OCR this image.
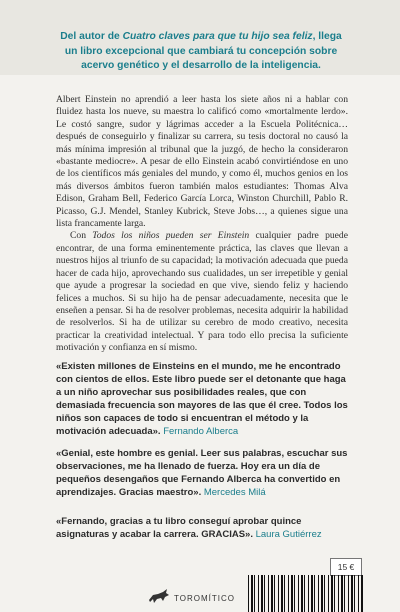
Del autor de Cuatro claves para que tu hijo sea feliz, llega un libro excepcional que cambiará tu concepción sobre acervo genético y el desarrollo de la inteligencia.

Albert Einstein no aprendió a leer hasta los siete años ni a hablar con fluidez hasta los nueve, su maestra lo calificó como «mortalmente lerdo». Le costó sangre, sudor y lágrimas acceder a la Escuela Politécnica… después de conseguirlo y finalizar su carrera, su tesis doctoral no causó la más mínima impresión al tribunal que la juzgó, de hecho la consideraron «bastante mediocre». A pesar de ello Einstein acabó convirtiéndose en uno de los científicos más geniales del mundo, y como él, muchos genios en los más diversos ámbitos fueron también malos estudiantes: Thomas Alva Edison, Graham Bell, Federico García Lorca, Winston Churchill, Pablo R. Picasso, G.J. Mendel, Stanley Kubrick, Steve Jobs…, a quienes sigue una lista francamente larga.

Con Todos los niños pueden ser Einstein cualquier padre puede encontrar, de una forma eminentemente práctica, las claves que llevan a nuestros hijos al triunfo de su capacidad; la motivación adecuada que pueda hacer de cada hijo, aprovechando sus cualidades, un ser irrepetible y genial que ayude a progresar la sociedad en que vive, siendo feliz y haciendo felices a muchos. Si su hijo ha de pensar adecuadamente, necesita que le enseñen a pensar. Si ha de resolver problemas, necesita adquirir la habilidad de resolverlos. Si ha de utilizar su cerebro de modo creativo, necesita practicar la creatividad intelectual. Y para todo ello precisa la suficiente motivación y confianza en sí mismo.

«Existen millones de Einsteins en el mundo, me he encontrado con cientos de ellos. Este libro puede ser el detonante que haga a un niño aprovechar sus posibilidades reales, que con demasiada frecuencia son mayores de las que él cree. Todos los niños son capaces de todo si encuentran el método y la motivación adecuada». Fernando Alberca
«Genial, este hombre es genial. Leer sus palabras, escuchar sus observaciones, me ha llenado de fuerza. Hoy era un día de pequeños desengaños que Fernando Alberca ha convertido en aprendizajes. Gracias maestro». Mercedes Milá
«Fernando, gracias a tu libro conseguí aprobar quince asignaturas y acabar la carrera. GRACIAS». Laura Gutiérrez
15 €
TOROMÍTICO
